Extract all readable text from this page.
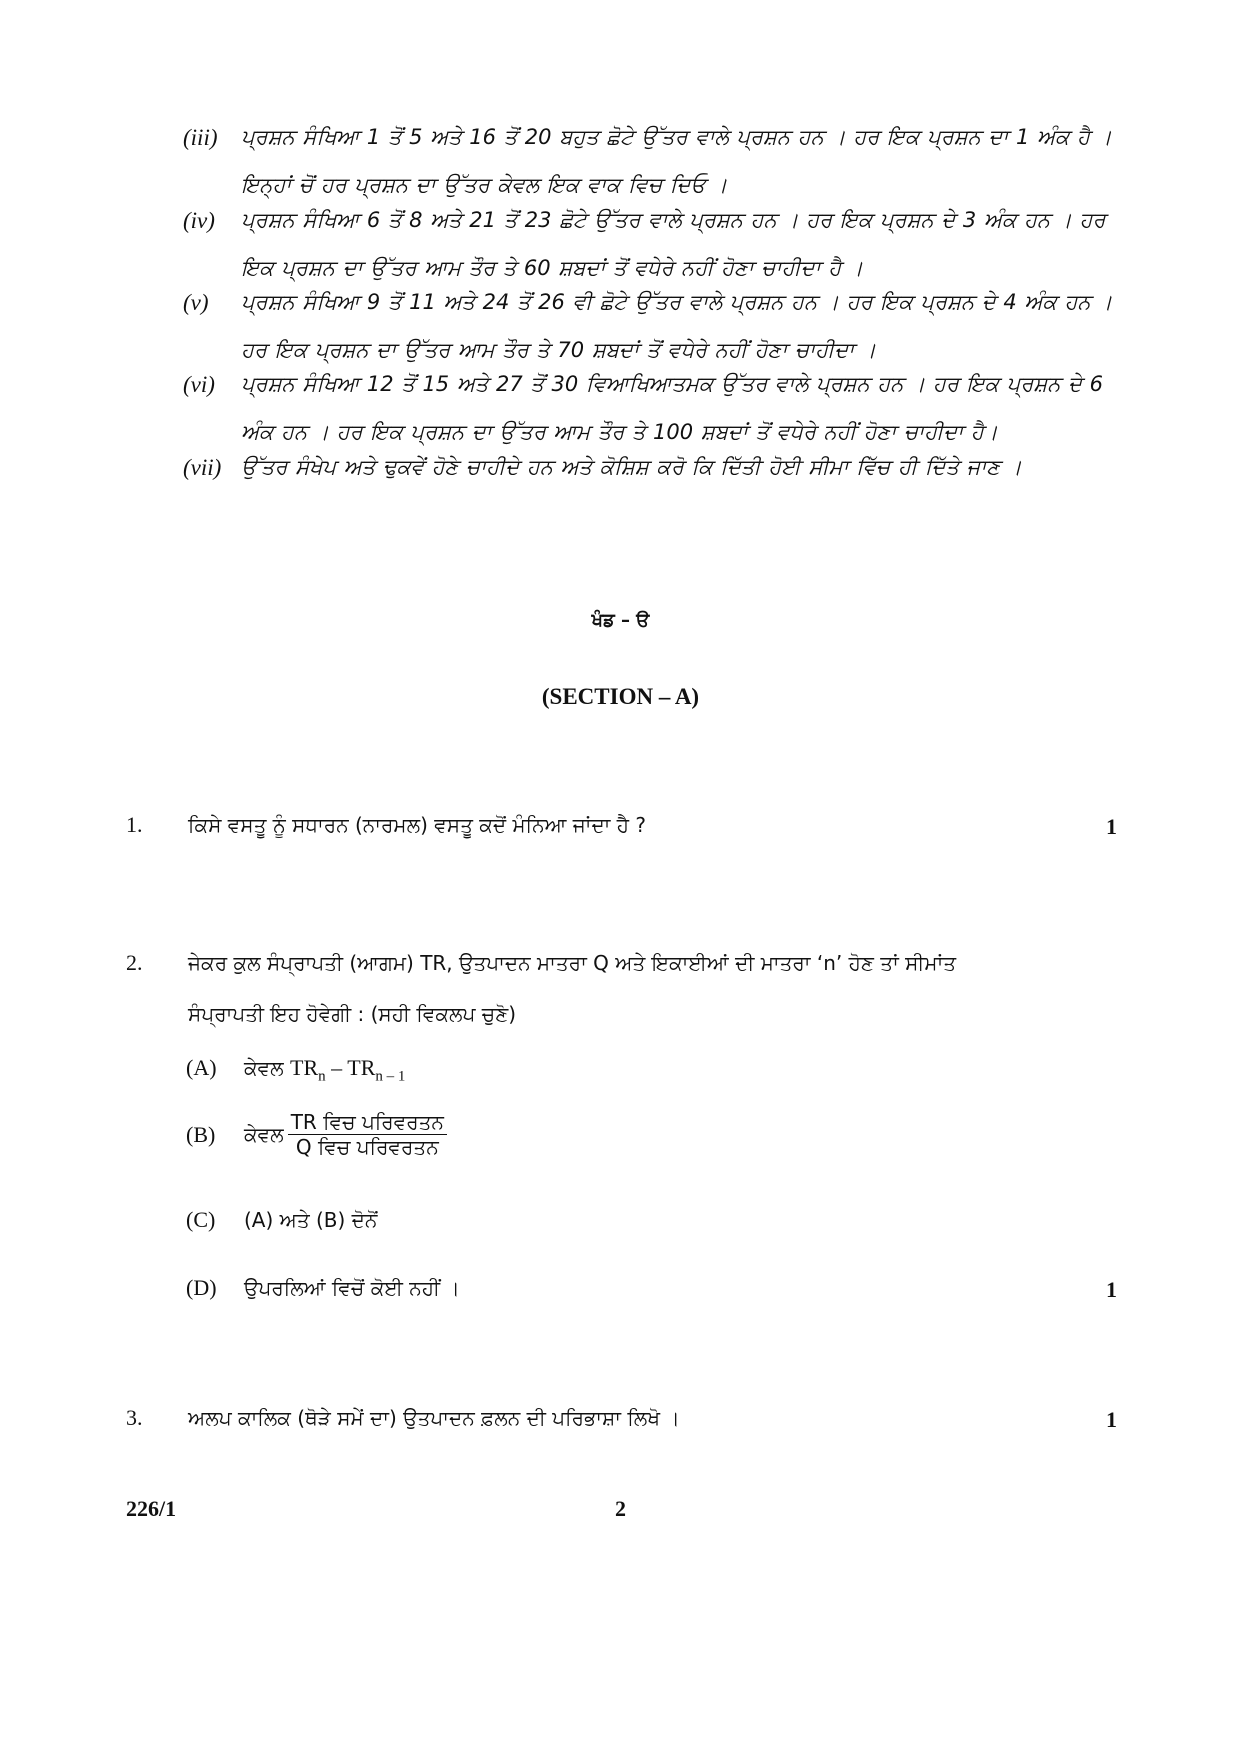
(iii) ਪ੍ਰਸ਼ਨ ਸੰਖਿਆ 1 ਤੋਂ 5 ਅਤੇ 16 ਤੋਂ 20 ਬਹੁਤ ਛੋਟੇ ਉੱਤਰ ਵਾਲੇ ਪ੍ਰਸ਼ਨ ਹਨ । ਹਰ ਇਕ ਪ੍ਰਸ਼ਨ ਦਾ 1 ਅੰਕ ਹੈ । ਇਨ੍ਹਾਂ ਚੋਂ ਹਰ ਪ੍ਰਸ਼ਨ ਦਾ ਉੱਤਰ ਕੇਵਲ ਇਕ ਵਾਕ ਵਿਚ ਦਿਓ ।
(iv) ਪ੍ਰਸ਼ਨ ਸੰਖਿਆ 6 ਤੋਂ 8 ਅਤੇ 21 ਤੋਂ 23 ਛੋਟੇ ਉੱਤਰ ਵਾਲੇ ਪ੍ਰਸ਼ਨ ਹਨ । ਹਰ ਇਕ ਪ੍ਰਸ਼ਨ ਦੇ 3 ਅੰਕ ਹਨ । ਹਰ ਇਕ ਪ੍ਰਸ਼ਨ ਦਾ ਉੱਤਰ ਆਮ ਤੌਰ ਤੇ 60 ਸ਼ਬਦਾਂ ਤੋਂ ਵਧੇਰੇ ਨਹੀਂ ਹੋਣਾ ਚਾਹੀਦਾ ਹੈ ।
(v) ਪ੍ਰਸ਼ਨ ਸੰਖਿਆ 9 ਤੋਂ 11 ਅਤੇ 24 ਤੋਂ 26 ਵੀ ਛੋਟੇ ਉੱਤਰ ਵਾਲੇ ਪ੍ਰਸ਼ਨ ਹਨ । ਹਰ ਇਕ ਪ੍ਰਸ਼ਨ ਦੇ 4 ਅੰਕ ਹਨ । ਹਰ ਇਕ ਪ੍ਰਸ਼ਨ ਦਾ ਉੱਤਰ ਆਮ ਤੌਰ ਤੇ 70 ਸ਼ਬਦਾਂ ਤੋਂ ਵਧੇਰੇ ਨਹੀਂ ਹੋਣਾ ਚਾਹੀਦਾ ।
(vi) ਪ੍ਰਸ਼ਨ ਸੰਖਿਆ 12 ਤੋਂ 15 ਅਤੇ 27 ਤੋਂ 30 ਵਿਆਖਿਆਤਮਕ ਉੱਤਰ ਵਾਲੇ ਪ੍ਰਸ਼ਨ ਹਨ । ਹਰ ਇਕ ਪ੍ਰਸ਼ਨ ਦੇ 6 ਅੰਕ ਹਨ । ਹਰ ਇਕ ਪ੍ਰਸ਼ਨ ਦਾ ਉੱਤਰ ਆਮ ਤੌਰ ਤੇ 100 ਸ਼ਬਦਾਂ ਤੋਂ ਵਧੇਰੇ ਨਹੀਂ ਹੋਣਾ ਚਾਹੀਦਾ ਹੈ।
(vii) ਉੱਤਰ ਸੰਖੇਪ ਅਤੇ ਢੁਕਵੇਂ ਹੋਣੇ ਚਾਹੀਦੇ ਹਨ ਅਤੇ ਕੋਸ਼ਿਸ਼ ਕਰੋ ਕਿ ਦਿੱਤੀ ਹੋਈ ਸੀਮਾ ਵਿੱਚ ਹੀ ਦਿੱਤੇ ਜਾਣ ।
ਖੰਡ – ੳ
(SECTION – A)
1. ਕਿਸੇ ਵਸਤੂ ਨੂੰ ਸਧਾਰਨ (ਨਾਰਮਲ) ਵਸਤੂ ਕਦੋਂ ਮੰਨਿਆ ਜਾਂਦਾ ਹੈ ?	1
2. ਜੇਕਰ ਕੁਲ ਸੰਪ੍ਰਾਪਤੀ (ਆਗਮ) TR, ਉਤਪਾਦਨ ਮਾਤਰਾ Q ਅਤੇ ਇਕਾਈਆਂ ਦੀ ਮਾਤਰਾ ‘n’ ਹੋਣ ਤਾਂ ਸੀਮਾਂਤ
ਸੰਪ੍ਰਾਪਤੀ ਇਹ ਹੋਵੇਗੀ : (ਸਹੀ ਵਿਕਲਪ ਚੁਣੋ)
(A) ਕੇਵਲ $TR_n - TR_{n - 1}$
(B) ਕੇਵਲ $\frac{\text{TR ਵਿਚ ਪਰਿਵਰਤਨ}}{\text{Q ਵਿਚ ਪਰਿਵਰਤਨ}}$
(C) (A) ਅਤੇ (B) ਦੋਨੋਂ
(D) ਉਪਰਲਿਆਂ ਵਿਚੋਂ ਕੋਈ ਨਹੀਂ ।	1
3. ਅਲਪ ਕਾਲਿਕ (ਥੋੜੇ ਸਮੇਂ ਦਾ) ਉਤਪਾਦਨ ਫ਼ਲਨ ਦੀ ਪਰਿਭਾਸ਼ਾ ਲਿਖੋ ।	1
226/1	2
